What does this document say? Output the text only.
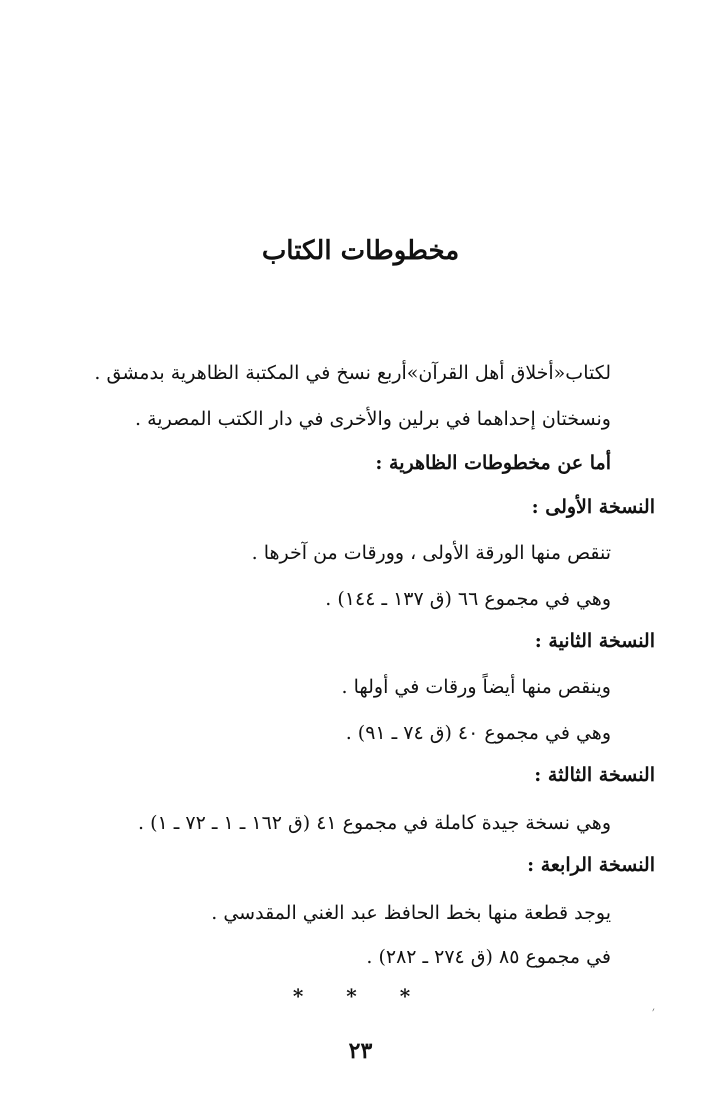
مخطوطات الكتاب
لكتاب«أخلاق أهل القرآن»أربع نسخ في المكتبة الظاهرية بدمشق .
ونسختان إحداهما في برلين والأخرى في دار الكتب المصرية .
أما عن مخطوطات الظاهرية :
النسخة الأولى :
تنقص منها الورقة الأولى ، وورقات من آخرها .
وهي في مجموع ٦٦ (ق ١٣٧ ـ ١٤٤) .
النسخة الثانية :
وينقص منها أيضاً ورقات في أولها .
وهي في مجموع ٤٠ (ق ٧٤ ـ ٩١) .
النسخة الثالثة :
وهي نسخة جيدة كاملة في مجموع ٤١ (ق ١٦٢ ـ ١ ـ ٧٢ ـ ١) .
النسخة الرابعة :
يوجد قطعة منها بخط الحافظ عبد الغني المقدسي .
في مجموع ٨٥ (ق ٢٧٤ ـ ٢٨٢) .
* * *
׳
٢٣
